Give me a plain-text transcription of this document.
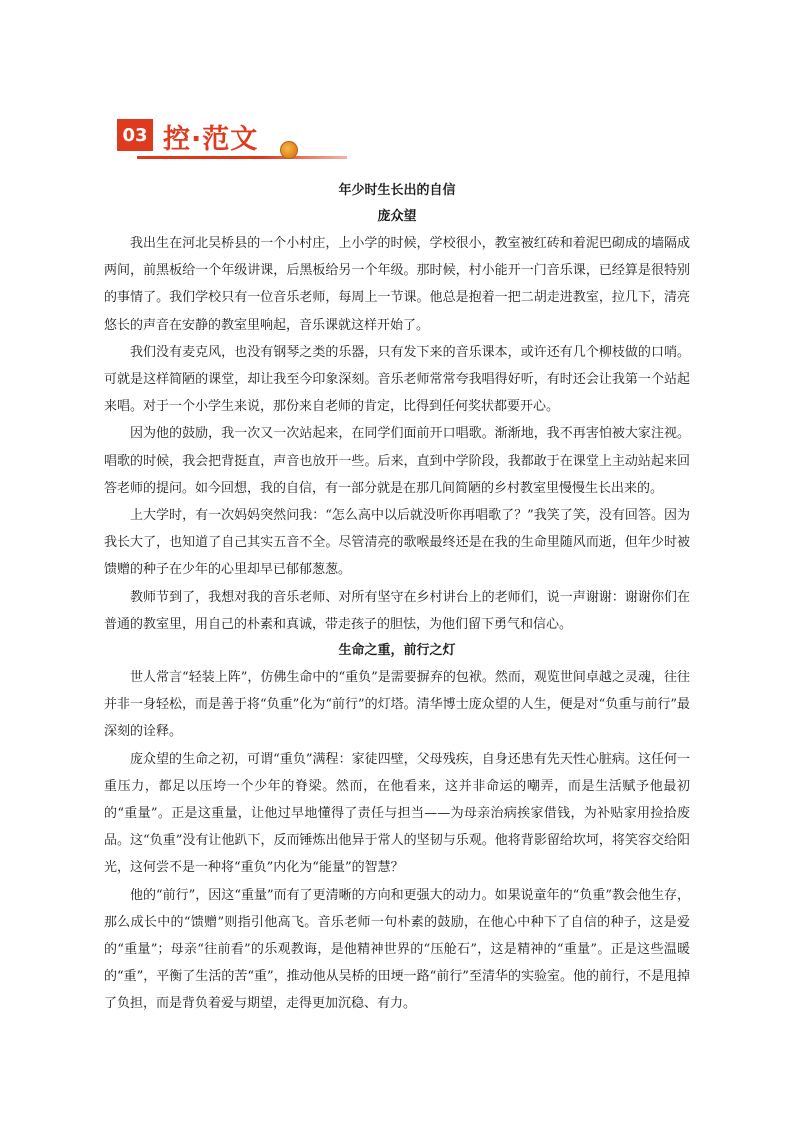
03 控·范文

年少时生长出的自信

庞众望

我出生在河北吴桥县的一个小村庄，上小学的时候，学校很小，教室被红砖和着泥巴砌成的墙隔成两间，前黑板给一个年级讲课，后黑板给另一个年级。那时候，村小能开一门音乐课，已经算是很特别的事情了。我们学校只有一位音乐老师，每周上一节课。他总是抱着一把二胡走进教室，拉几下，清亮悠长的声音在安静的教室里响起，音乐课就这样开始了。

我们没有麦克风，也没有钢琴之类的乐器，只有发下来的音乐课本，或许还有几个柳枝做的口哨。可就是这样简陋的课堂，却让我至今印象深刻。音乐老师常常夸我唱得好听，有时还会让我第一个站起来唱。对于一个小学生来说，那份来自老师的肯定，比得到任何奖状都要开心。

因为他的鼓励，我一次又一次站起来，在同学们面前开口唱歌。渐渐地，我不再害怕被大家注视。唱歌的时候，我会把背挺直，声音也放开一些。后来，直到中学阶段，我都敢于在课堂上主动站起来回答老师的提问。如今回想，我的自信，有一部分就是在那几间简陋的乡村教室里慢慢生长出来的。

上大学时，有一次妈妈突然问我：“怎么高中以后就没听你再唱歌了？”我笑了笑，没有回答。因为我长大了，也知道了自己其实五音不全。尽管清亮的歌喉最终还是在我的生命里随风而逝，但年少时被馈赠的种子在少年的心里却早已郁郁葱葱。

教师节到了，我想对我的音乐老师、对所有坚守在乡村讲台上的老师们，说一声谢谢：谢谢你们在普通的教室里，用自己的朴素和真诚，带走孩子的胆怯，为他们留下勇气和信心。

生命之重，前行之灯

世人常言“轻装上阵”，仿佛生命中的“重负”是需要摒弃的包袱。然而，观览世间卓越之灵魂，往往并非一身轻松，而是善于将“负重”化为“前行”的灯塔。清华博士庞众望的人生，便是对“负重与前行”最深刻的诠释。

庞众望的生命之初，可谓“重负”满程：家徒四壁，父母残疾，自身还患有先天性心脏病。这任何一重压力，都足以压垮一个少年的脊梁。然而，在他看来，这并非命运的嘲弄，而是生活赋予他最初的“重量”。正是这重量，让他过早地懂得了责任与担当——为母亲治病挨家借钱，为补贴家用捡拾废品。这“负重”没有让他趴下，反而锤炼出他异于常人的坚韧与乐观。他将背影留给坎坷，将笑容交给阳光，这何尝不是一种将“重负”内化为“能量”的智慧？

他的“前行”，因这“重量”而有了更清晰的方向和更强大的动力。如果说童年的“负重”教会他生存，那么成长中的“馈赠”则指引他高飞。音乐老师一句朴素的鼓励，在他心中种下了自信的种子，这是爱的“重量”；母亲“往前看”的乐观教诲，是他精神世界的“压舱石”，这是精神的“重量”。正是这些温暖的“重”，平衡了生活的苦“重”，推动他从吴桥的田埂一路“前行”至清华的实验室。他的前行，不是甩掉了负担，而是背负着爱与期望，走得更加沉稳、有力。
